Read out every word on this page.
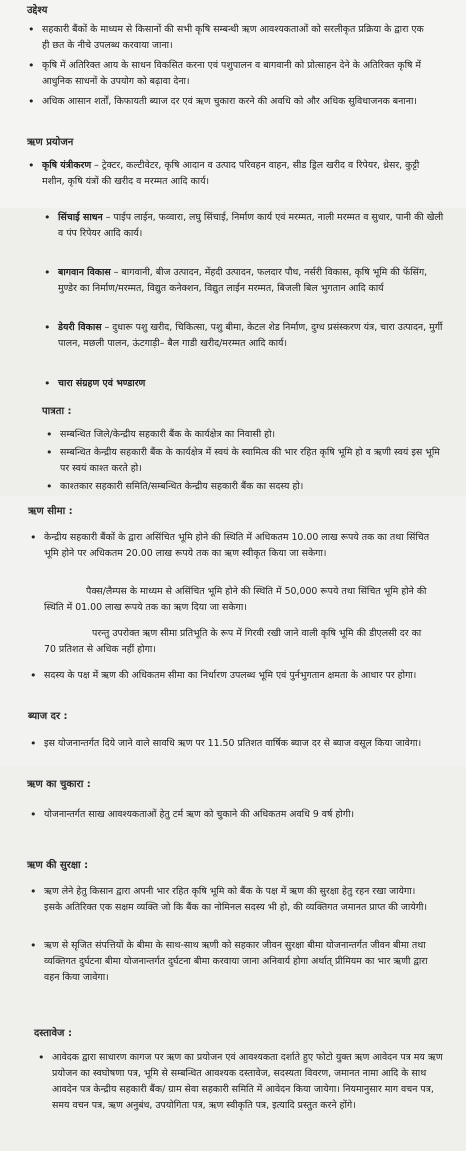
उद्देश्य
• सहकारी बैंकों के माध्यम से किसानों की सभी कृषि सम्बन्धी ऋण आवश्यकताओं को सरलीकृत प्रक्रिया के द्वारा एक ही छत के नीचे उपलब्ध करवाया जाना।
• कृषि में अतिरिक्त आय के साधन विकसित करना एवं पशुपालन व बागवानी को प्रोत्साहन देने के अतिरिक्त कृषि में आधुनिक साधनों के उपयोग को बढ़ावा देना।
• अधिक आसान शर्तों, किफायती ब्याज दर एवं ऋण चुकारा करने की अवधि को और अधिक सुविधाजनक बनाना।
ऋण प्रयोजन
• कृषि यंत्रीकरण – ट्रेक्टर, कल्टीवेटर, कृषि आदान व उत्पाद परिवहन वाहन, सीड ड्रिल खरीद व रिपेयर, थ्रेसर, कुट्टी मशीन, कृषि यंत्रों की खरीद व मरम्मत आदि कार्य।
• सिंचाई साधन – पाईप लाईन, फव्वारा, लघु सिंचाई, निर्माण कार्य एवं मरम्मत, नाली मरम्मत व सुधार, पानी की खेली व पंप रिपेयर आदि कार्य।
• बागवान विकास – बागवानी, बीज उत्पादन, मेंहदी उत्पादन, फलदार पौध, नर्सरी विकास, कृषि भूमि की फेंसिंग, मुण्डेर का निर्माण/मरम्मत, विद्युत कनेक्शन, विद्युत लाईन मरम्मत, बिजली बिल भुगतान आदि कार्य
• डेयरी विकास – दुधारू पशु खरीद, चिकित्सा, पशु बीमा, केटल शेड निर्माण, दुग्ध प्रसंस्करण यंत्र, चारा उत्पादन, मुर्गी पालन, मछली पालन, ऊंटगाड़ी– बैल गाडी खरीद/मरम्मत आदि कार्य।
• चारा संग्रहण एवं भण्डारण
पात्रता :
• सम्बन्धित जिले/केन्द्रीय सहकारी बैंक के कार्यक्षेत्र का निवासी हो।
• सम्बन्धित केन्द्रीय सहकारी बैंक के कार्यक्षेत्र में स्वयं के स्वामित्व की भार रहित कृषि भूमि हो व ऋणी स्वयं इस भूमि पर स्वयं काश्त करते हो।
• काश्तकार सहकारी समिति/सम्बन्धित केन्द्रीय सहकारी बैंक का सदस्य हो।
ऋण सीमा :
• केन्द्रीय सहकारी बैंकों के द्वारा असिंचित भूमि होने की स्थिति में अधिकतम 10.00 लाख रूपये तक का तथा सिंचित भूमि होने पर अधिकतम 20.00 लाख रूपये तक का ऋण स्वीकृत किया जा सकेगा।
पैक्स/लैम्पस के माध्यम से असिंचित भूमि होने की स्थिति में 50,000 रूपये तथा सिंचित भूमि होने की स्थिति में 01.00 लाख रूपये तक का ऋण दिया जा सकेगा।
परन्तु उपरोक्त ऋण सीमा प्रतिभूति के रूप में गिरवी रखी जाने वाली कृषि भूमि की डीएलसी दर का 70 प्रतिशत से अधिक नहीं होगा।
• सदस्य के पक्ष में ऋण की अधिकतम सीमा का निर्धारण उपलब्ध भूमि एवं पुर्नभुगतान क्षमता के आधार पर होगा।
ब्याज दर :
• इस योजनान्तर्गत दिये जाने वाले सावधि ऋण पर 11.50 प्रतिशत वार्षिक ब्याज दर से ब्याज वसूल किया जावेगा।
ऋण का चुकारा :
• योजनान्तर्गत साख आवश्यकताओं हेतु टर्म ऋण को चुकाने की अधिकतम अवधि 9 वर्ष होगी।
ऋण की सुरक्षा :
• ऋण लेने हेतु किसान द्वारा अपनी भार रहित कृषि भूमि को बैंक के पक्ष में ऋण की सुरक्षा हेतु रहन रखा जायेगा। इसके अतिरिक्त एक सक्षम व्यक्ति जो कि बैंक का नोमिनल सदस्य भी हो, की व्यक्तिगत जमानत प्राप्त की जायेगी।
• ऋण से सृजित संपत्तियों के बीमा के साथ-साथ ऋणी को सहकार जीवन सुरक्षा बीमा योजनान्तर्गत जीवन बीमा तथा व्यक्तिगत दुर्घटना बीमा योजनान्तर्गत दुर्घटना बीमा करवाया जाना अनिवार्य होगा अर्थात् प्रीमियम का भार ऋणी द्वारा वहन किया जावेगा।
दस्तावेज :
• आवेदक द्वारा साधारण कागज पर ऋण का प्रयोजन एवं आवश्यकता दर्शाते हुए फोटो युक्त ऋण आवेदन पत्र मय ऋण प्रयोजन का स्वघोषणा पत्र, भूमि से सम्बन्धित आवश्यक दस्तावेज, सदस्यता विवरण, जमानत नामा आदि के साथ आवदेन पत्र केन्द्रीय सहकारी बैंक/ ग्राम सेवा सहकारी समिति में आवेदन किया जायेगा। नियमानुसार माग वचन पत्र, समय वचन पत्र, ऋण अनुबंध, उपयोगिता पत्र, ऋण स्वीकृति पत्र, इत्यादि प्रस्तुत करने होंगे।
